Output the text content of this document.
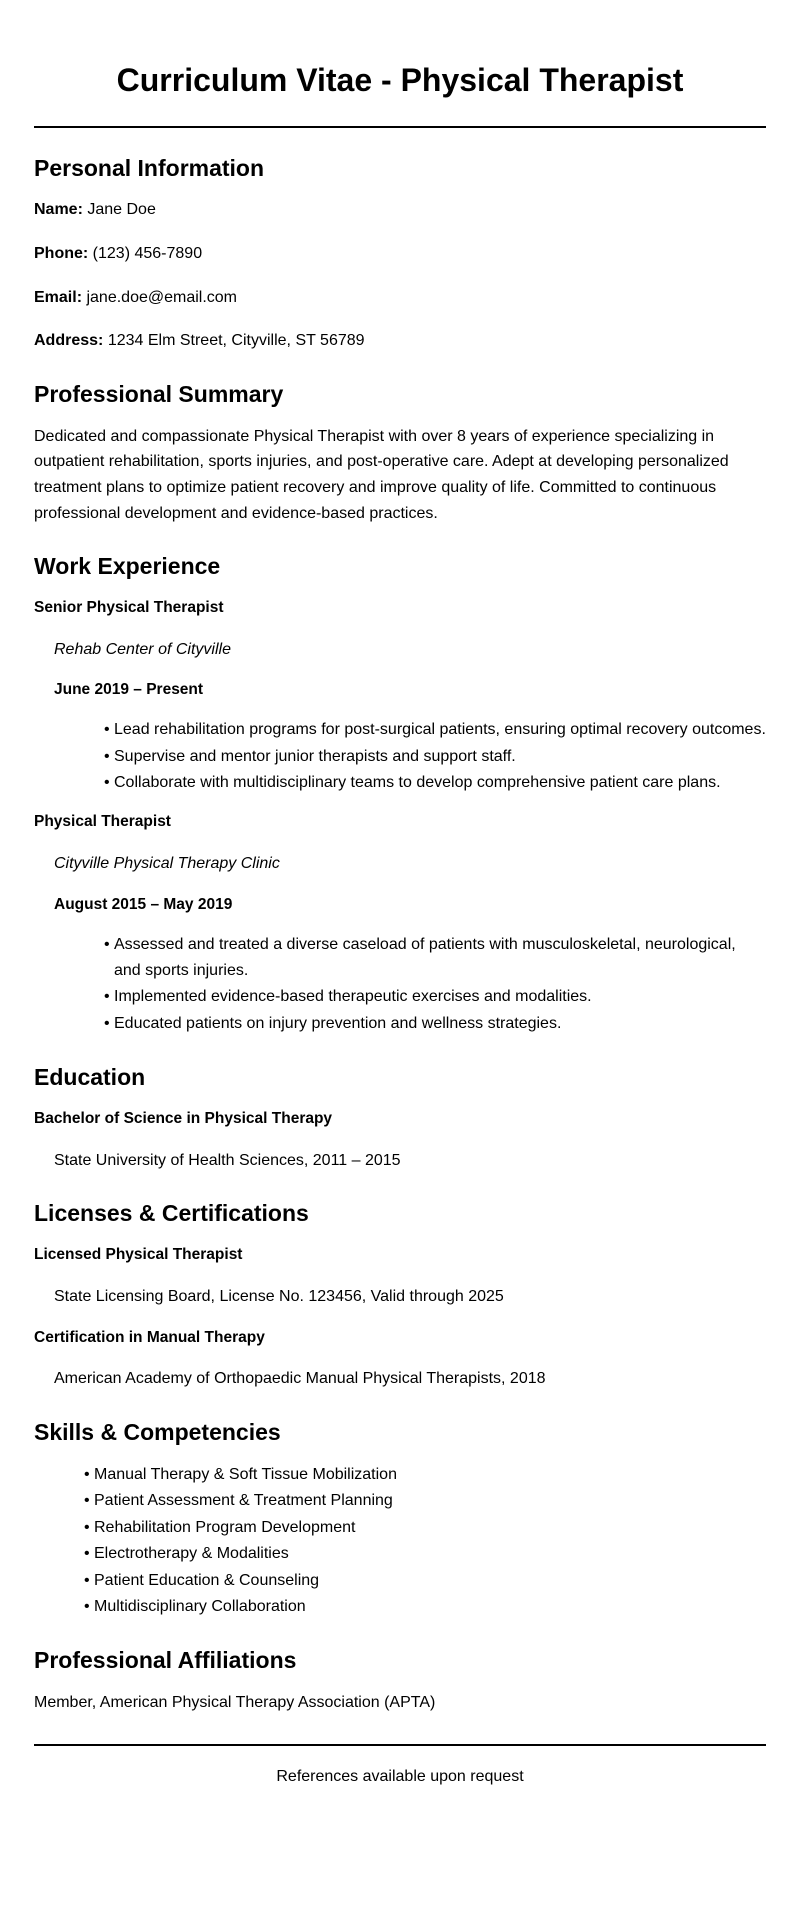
Curriculum Vitae - Physical Therapist
Personal Information

Name: Jane Doe

Phone: (123) 456-7890

Email: jane.doe@email.com

Address: 1234 Elm Street, Cityville, ST 56789

Professional Summary

Dedicated and compassionate Physical Therapist with over 8 years of experience specializing in outpatient rehabilitation, sports injuries, and post-operative care. Adept at developing personalized treatment plans to optimize patient recovery and improve quality of life. Committed to continuous professional development and evidence-based practices.

Work Experience

Senior Physical Therapist

Rehab Center of Cityville

June 2019 – Present

• Lead rehabilitation programs for post-surgical patients, ensuring optimal recovery outcomes.
• Supervise and mentor junior therapists and support staff.
• Collaborate with multidisciplinary teams to develop comprehensive patient care plans.

Physical Therapist

Cityville Physical Therapy Clinic

August 2015 – May 2019

• Assessed and treated a diverse caseload of patients with musculoskeletal, neurological, and sports injuries.
• Implemented evidence-based therapeutic exercises and modalities.
• Educated patients on injury prevention and wellness strategies.
Education

Bachelor of Science in Physical Therapy

State University of Health Sciences, 2011 – 2015

Licenses & Certifications

Licensed Physical Therapist

State Licensing Board, License No. 123456, Valid through 2025

Certification in Manual Therapy

American Academy of Orthopaedic Manual Physical Therapists, 2018

Skills & Competencies
• Manual Therapy & Soft Tissue Mobilization
• Patient Assessment & Treatment Planning
• Rehabilitation Program Development
• Electrotherapy & Modalities
• Patient Education & Counseling
• Multidisciplinary Collaboration
Professional Affiliations

Member, American Physical Therapy Association (APTA)

References available upon request
